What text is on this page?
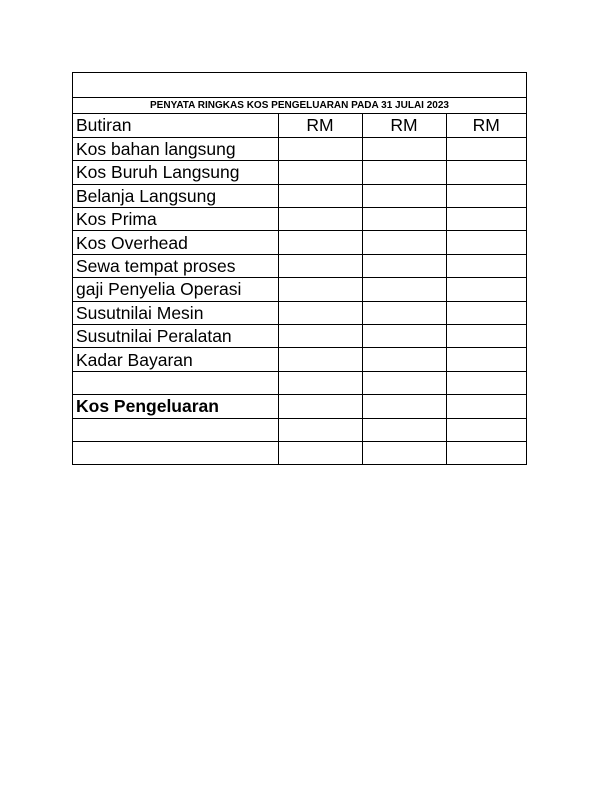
PENYATA RINGKAS KOS PENGELUARAN PADA 31 JULAI 2023
Butiran	RM	RM	RM
Kos bahan langsung			
Kos Buruh Langsung			
Belanja Langsung			
Kos Prima			
Kos Overhead			
Sewa tempat proses			
gaji Penyelia Operasi			
Susutnilai Mesin			
Susutnilai Peralatan			
Kadar Bayaran			

Kos Pengeluaran			
